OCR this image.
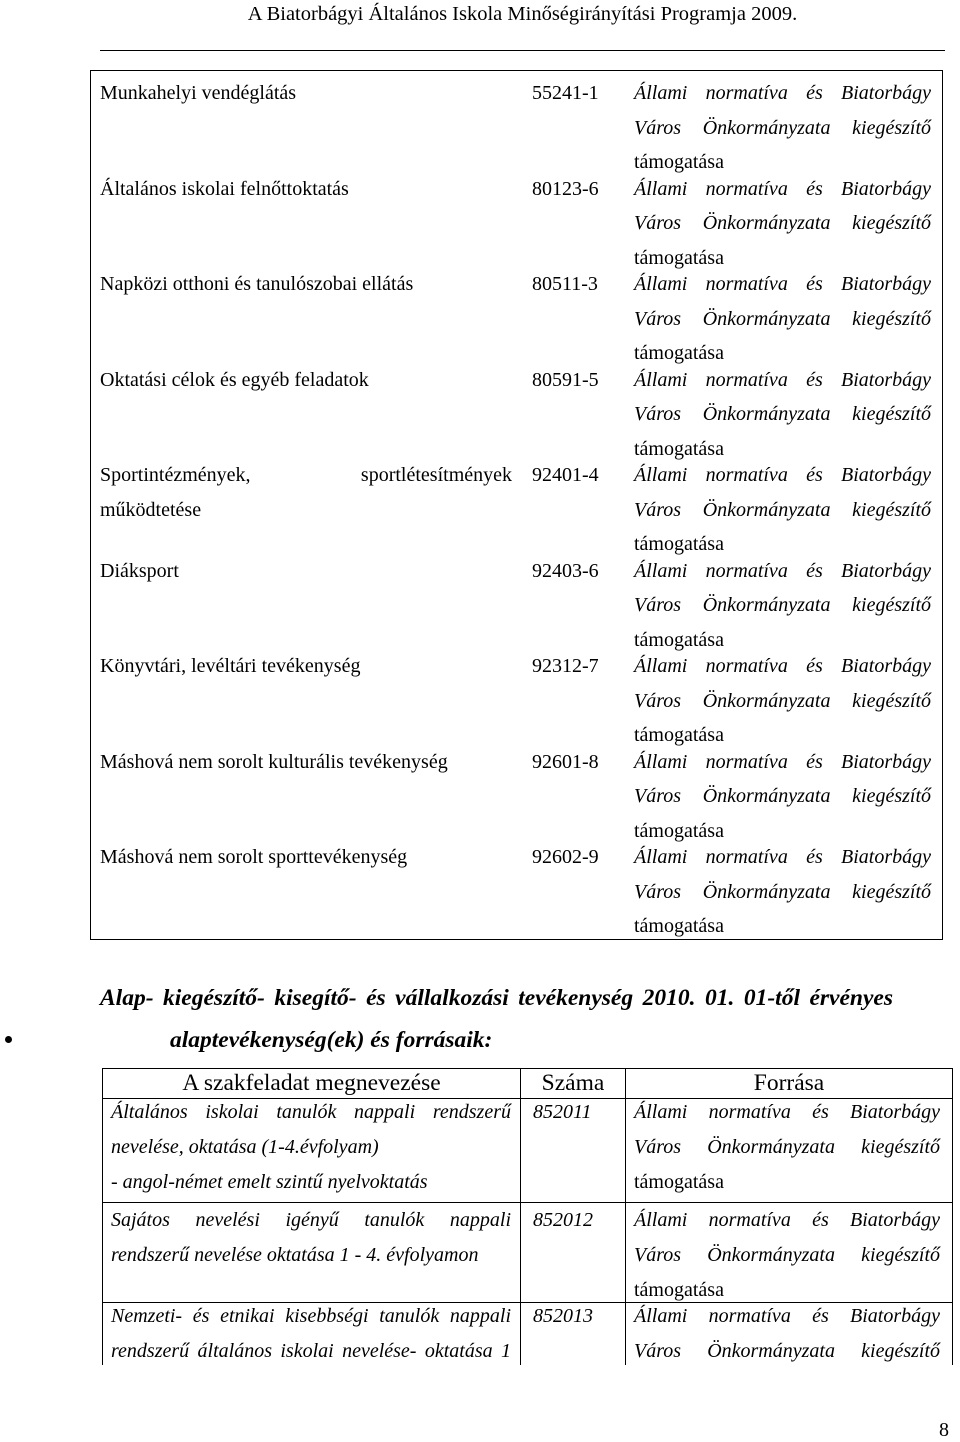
A Biatorbágyi Általános Iskola Minőségirányítási Programja 2009.
Munkahelyi vendéglátás	55241-1 Állami normatíva és Biatorbágy
Város Önkormányzata kiegészítő
támogatása
Általános iskolai felnőttoktatás	80123-6 Állami normatíva és Biatorbágy
Város Önkormányzata kiegészítő
támogatása
Napközi otthoni és tanulószobai ellátás	80511-3 Állami normatíva és Biatorbágy
Város Önkormányzata kiegészítő
támogatása
Oktatási célok és egyéb feladatok	80591-5 Állami normatíva és Biatorbágy
Város Önkormányzata kiegészítő
támogatása
Sportintézmények, sportlétesítmények
működtetése
92401-4 Állami normatíva és Biatorbágy
Város Önkormányzata kiegészítő
támogatása
Diáksport	92403-6 Állami normatíva és Biatorbágy
Város Önkormányzata kiegészítő
támogatása
Könyvtári, levéltári tevékenység	92312-7 Állami normatíva és Biatorbágy
Város Önkormányzata kiegészítő
támogatása
Máshová nem sorolt kulturális tevékenység	92601-8 Állami normatíva és Biatorbágy
Város Önkormányzata kiegészítő
támogatása
Máshová nem sorolt sporttevékenység	92602-9 Állami normatíva és Biatorbágy
Város Önkormányzata kiegészítő
támogatása
Alap- kiegészítő- kisegítő- és vállalkozási tevékenység 2010. 01. 01-től érvényes
alaptevékenység(ek) és forrásaik:
A szakfeladat megnevezése	Száma	Forrása
Általános iskolai tanulók nappali rendszerű
nevelése, oktatása (1-4.évfolyam)
- angol-német emelt szintű nyelvoktatás
852011 Állami normatíva és Biatorbágy
Város Önkormányzata kiegészítő
támogatása
Sajátos nevelési igényű tanulók nappali
rendszerű nevelése oktatása 1 - 4. évfolyamon
852012 Állami normatíva és Biatorbágy
Város Önkormányzata kiegészítő
támogatása
Nemzeti- és etnikai kisebbségi tanulók nappali
rendszerű általános iskolai nevelése- oktatása 1
852013 Állami normatíva és Biatorbágy
Város Önkormányzata kiegészítő
8
